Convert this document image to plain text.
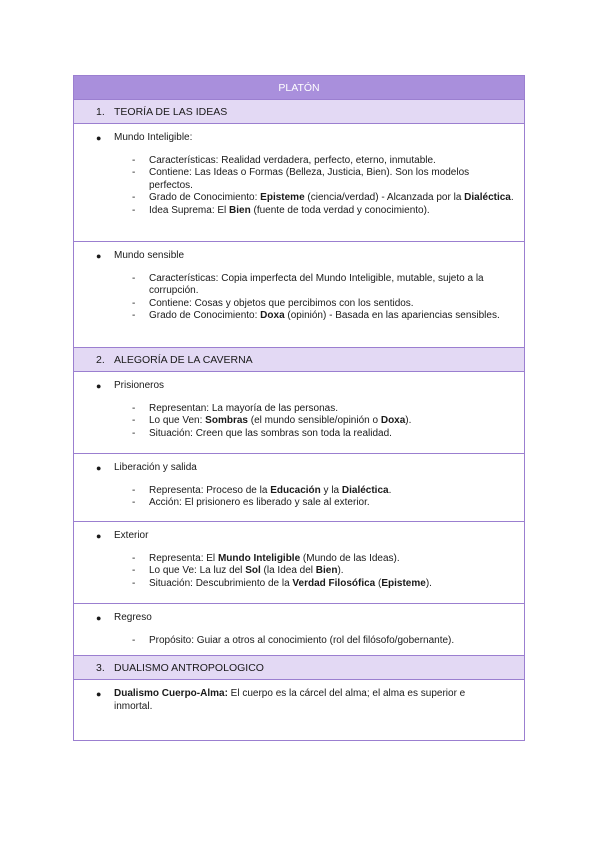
PLATÓN
1. TEORÍA DE LAS IDEAS
●	Mundo Inteligible:
- Características: Realidad verdadera, perfecto, eterno, inmutable.
- Contiene: Las Ideas o Formas (Belleza, Justicia, Bien). Son los modelos perfectos.
- Grado de Conocimiento: Episteme (ciencia/verdad) - Alcanzada por la Dialéctica.
- Idea Suprema: El Bien (fuente de toda verdad y conocimiento).
●	Mundo sensible
- Características: Copia imperfecta del Mundo Inteligible, mutable, sujeto a la corrupción.
- Contiene: Cosas y objetos que percibimos con los sentidos.
- Grado de Conocimiento: Doxa (opinión) - Basada en las apariencias sensibles.
2. ALEGORÍA DE LA CAVERNA
●	Prisioneros
- Representan: La mayoría de las personas.
- Lo que Ven: Sombras (el mundo sensible/opinión o Doxa).
- Situación: Creen que las sombras son toda la realidad.
●	Liberación y salida
- Representa: Proceso de la Educación y la Dialéctica.
- Acción: El prisionero es liberado y sale al exterior.
●	Exterior
- Representa: El Mundo Inteligible (Mundo de las Ideas).
- Lo que Ve: La luz del Sol (la Idea del Bien).
- Situación: Descubrimiento de la Verdad Filosófica (Episteme).
●	Regreso
- Propósito: Guiar a otros al conocimiento (rol del filósofo/gobernante).
3. DUALISMO ANTROPOLOGICO
●	Dualismo Cuerpo-Alma: El cuerpo es la cárcel del alma; el alma es superior e inmortal.
